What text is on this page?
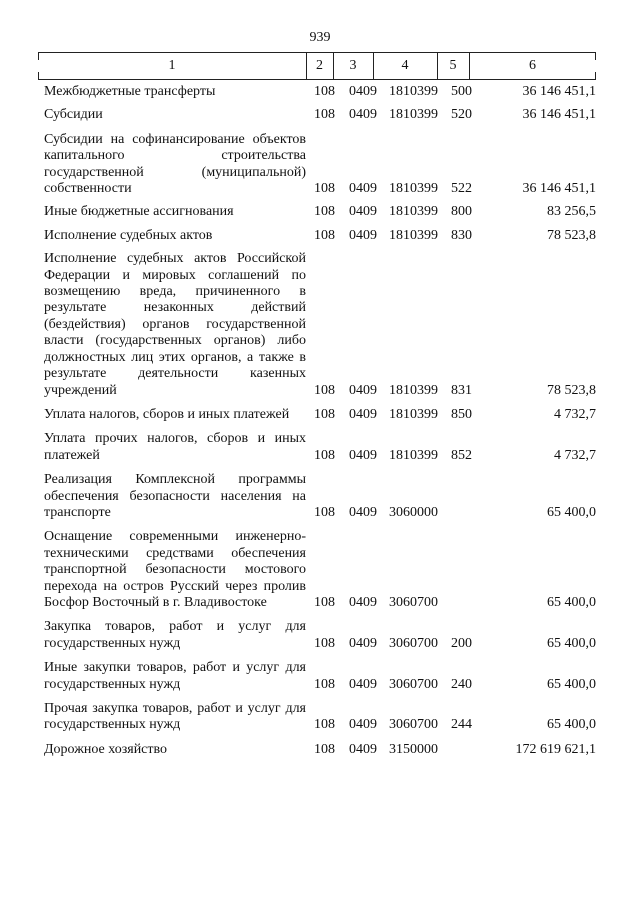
939
1	2	3	4	5	6
Межбюджетные трансферты	108 0409 1810399 500	36 146 451,1
Субсидии	108 0409 1810399 520	36 146 451,1
Субсидии на софинансирование объектов капитального строительства государственной (муниципальной) собственности	108 0409 1810399 522	36 146 451,1
Иные бюджетные ассигнования	108 0409 1810399 800	83 256,5
Исполнение судебных актов	108 0409 1810399 830	78 523,8
Исполнение судебных актов Российской Федерации и мировых соглашений по возмещению вреда, причиненного в результате незаконных действий (бездействия) органов государственной власти (государственных органов) либо должностных лиц этих органов, а также в результате деятельности казенных учреждений	108 0409 1810399 831	78 523,8
Уплата налогов, сборов и иных платежей	108 0409 1810399 850	4 732,7
Уплата прочих налогов, сборов и иных платежей	108 0409 1810399 852	4 732,7
Реализация Комплексной программы обеспечения безопасности населения на транспорте	108 0409 3060000	65 400,0
Оснащение современными инженерно-техническими средствами обеспечения транспортной безопасности мостового перехода на остров Русский через пролив Босфор Восточный в г. Владивостоке	108 0409 3060700	65 400,0
Закупка товаров, работ и услуг для государственных нужд	108 0409 3060700 200	65 400,0
Иные закупки товаров, работ и услуг для государственных нужд	108 0409 3060700 240	65 400,0
Прочая закупка товаров, работ и услуг для государственных нужд	108 0409 3060700 244	65 400,0
Дорожное хозяйство	108 0409 3150000	172 619 621,1
